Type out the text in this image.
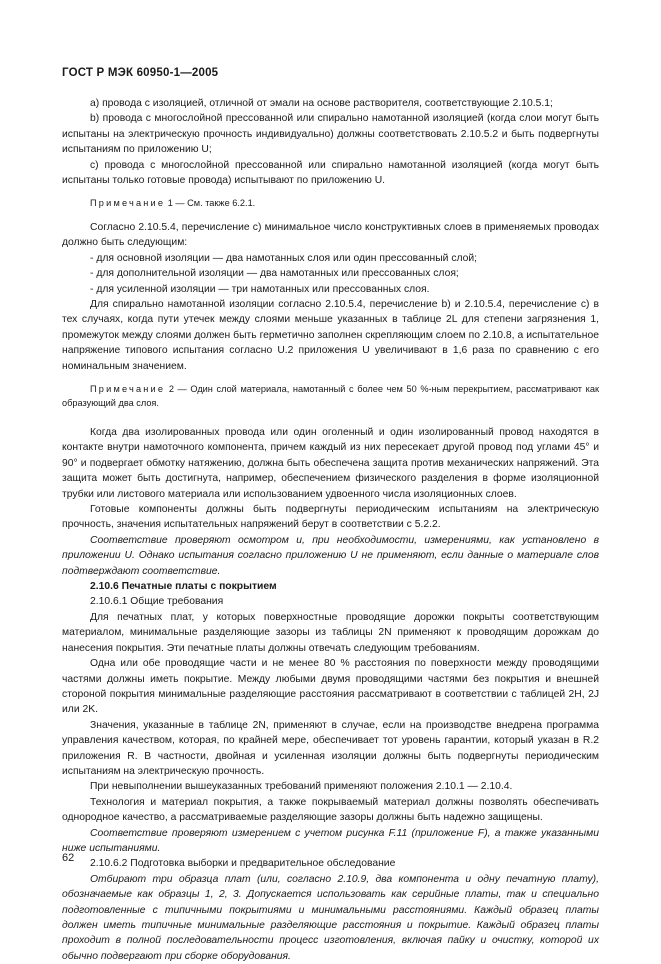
ГОСТ Р МЭК 60950-1—2005

a) провода с изоляцией, отличной от эмали на основе растворителя, соответствующие 2.10.5.1;

b) провода с многослойной прессованной или спирально намотанной изоляцией (когда слои могут быть испытаны на электрическую прочность индивидуально) должны соответствовать 2.10.5.2 и быть подвергнуты испытаниям по приложению U;

c) провода с многослойной прессованной или спирально намотанной изоляцией (когда могут быть испытаны только готовые провода) испытывают по приложению U.

Примечание 1 — См. также 6.2.1.

Согласно 2.10.5.4, перечисление c) минимальное число конструктивных слоев в применяемых проводах должно быть следующим:

- для основной изоляции — два намотанных слоя или один прессованный слой;

- для дополнительной изоляции — два намотанных или прессованных слоя;

- для усиленной изоляции — три намотанных или прессованных слоя.

Для спирально намотанной изоляции согласно 2.10.5.4, перечисление b) и 2.10.5.4, перечисление c) в тех случаях, когда пути утечек между слоями меньше указанных в таблице 2L для степени загрязнения 1, промежуток между слоями должен быть герметично заполнен скрепляющим слоем по 2.10.8, а испытательное напряжение типового испытания согласно U.2 приложения U увеличивают в 1,6 раза по сравнению с его номинальным значением.

Примечание 2 — Один слой материала, намотанный с более чем 50 %-ным перекрытием, рассматривают как образующий два слоя.

Когда два изолированных провода или один оголенный и один изолированный провод находятся в контакте внутри намоточного компонента, причем каждый из них пересекает другой провод под углами 45° и 90° и подвергает обмотку натяжению, должна быть обеспечена защита против механических напряжений. Эта защита может быть достигнута, например, обеспечением физического разделения в форме изоляционной трубки или листового материала или использованием удвоенного числа изоляционных слоев.

Готовые компоненты должны быть подвергнуты периодическим испытаниям на электрическую прочность, значения испытательных напряжений берут в соответствии с 5.2.2.

Соответствие проверяют осмотром и, при необходимости, измерениями, как установлено в приложении U. Однако испытания согласно приложению U не применяют, если данные о материале слов подтверждают соответствие.

2.10.6 Печатные платы с покрытием

2.10.6.1 Общие требования

Для печатных плат, у которых поверхностные проводящие дорожки покрыты соответствующим материалом, минимальные разделяющие зазоры из таблицы 2N применяют к проводящим дорожкам до нанесения покрытия. Эти печатные платы должны отвечать следующим требованиям.

Одна или обе проводящие части и не менее 80 % расстояния по поверхности между проводящими частями должны иметь покрытие. Между любыми двумя проводящими частями без покрытия и внешней стороной покрытия минимальные разделяющие расстояния рассматривают в соответствии с таблицей 2H, 2J или 2K.

Значения, указанные в таблице 2N, применяют в случае, если на производстве внедрена программа управления качеством, которая, по крайней мере, обеспечивает тот уровень гарантии, который указан в R.2 приложения R. В частности, двойная и усиленная изоляции должны быть подвергнуты периодическим испытаниям на электрическую прочность.

При невыполнении вышеуказанных требований применяют положения 2.10.1 — 2.10.4.

Технология и материал покрытия, а также покрываемый материал должны позволять обеспечивать однородное качество, а рассматриваемые разделяющие зазоры должны быть надежно защищены.

Соответствие проверяют измерением с учетом рисунка F.11 (приложение F), а также указанными ниже испытаниями.

2.10.6.2 Подготовка выборки и предварительное обследование

Отбирают три образца плат (или, согласно 2.10.9, два компонента и одну печатную плату), обозначаемые как образцы 1, 2, 3. Допускается использовать как серийные платы, так и специально подготовленные с типичными покрытиями и минимальными расстояниями. Каждый образец платы должен иметь типичные минимальные разделяющие расстояния и покрытие. Каждый образец платы проходит в полной последовательности процесс изготовления, включая пайку и очистку, которой их обычно подвергают при сборке оборудования.

62
